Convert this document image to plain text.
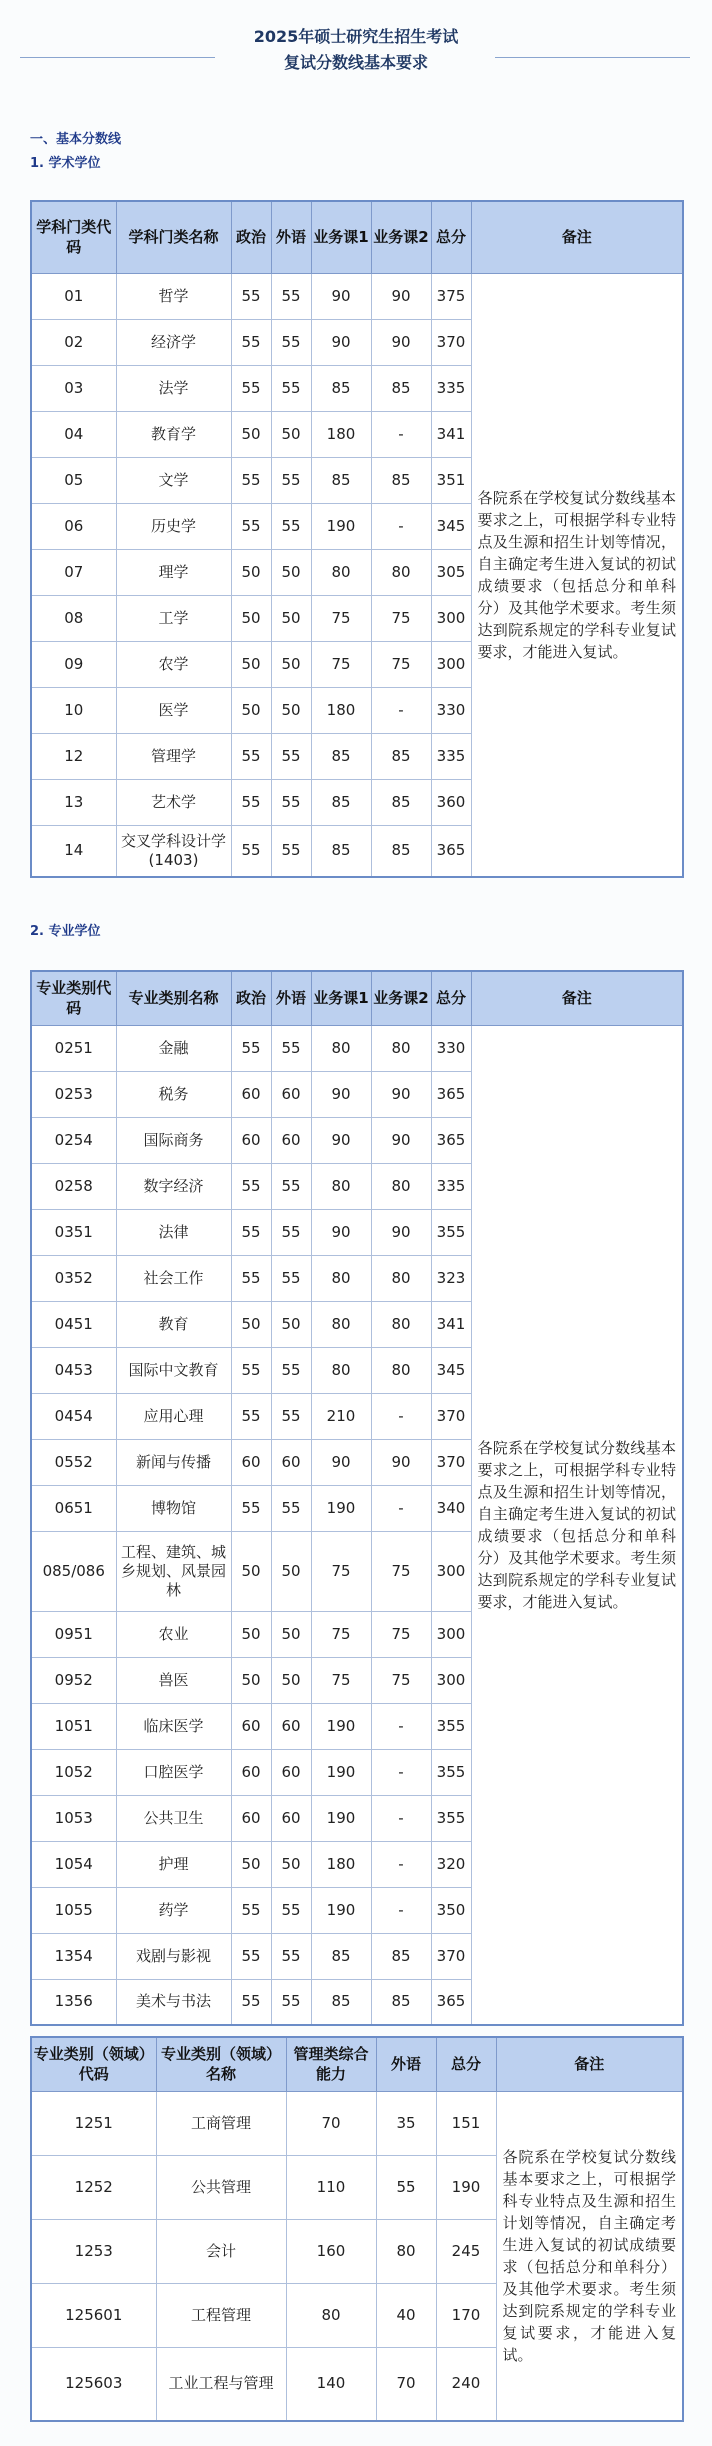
2025年硕士研究生招生考试
复试分数线基本要求
一、基本分数线
1. 学术学位
2. 专业学位
学科门类代码	学科门类名称	政治	外语	业务课1	业务课2	总分	备注
01	哲学	55	55	90	90	375	各院系在学校复试分数线基本要求之上，可根据学科专业特点及生源和招生计划等情况，自主确定考生进入复试的初试成绩要求（包括总分和单科分）及其他学术要求。考生须达到院系规定的学科专业复试要求，才能进入复试。
02	经济学	55	55	90	90	370	
03	法学	55	55	85	85	335	
04	教育学	50	50	180	-	341	
05	文学	55	55	85	85	351	
06	历史学	55	55	190	-	345	
07	理学	50	50	80	80	305	
08	工学	50	50	75	75	300	
09	农学	50	50	75	75	300	
10	医学	50	50	180	-	330	
12	管理学	55	55	85	85	335	
13	艺术学	55	55	85	85	360	
14	交叉学科设计学(1403)	55	55	85	85	365	
专业类别代码	专业类别名称	政治	外语	业务课1	业务课2	总分	备注
0251	金融	55	55	80	80	330	各院系在学校复试分数线基本要求之上，可根据学科专业特点及生源和招生计划等情况，自主确定考生进入复试的初试成绩要求（包括总分和单科分）及其他学术要求。考生须达到院系规定的学科专业复试要求，才能进入复试。
0253	税务	60	60	90	90	365	
0254	国际商务	60	60	90	90	365	
0258	数字经济	55	55	80	80	335	
0351	法律	55	55	90	90	355	
0352	社会工作	55	55	80	80	323	
0451	教育	50	50	80	80	341	
0453	国际中文教育	55	55	80	80	345	
0454	应用心理	55	55	210	-	370	
0552	新闻与传播	60	60	90	90	370	
0651	博物馆	55	55	190	-	340	
085/086	工程、建筑、城乡规划、风景园林	50	50	75	75	300	
0951	农业	50	50	75	75	300	
0952	兽医	50	50	75	75	300	
1051	临床医学	60	60	190	-	355	
1052	口腔医学	60	60	190	-	355	
1053	公共卫生	60	60	190	-	355	
1054	护理	50	50	180	-	320	
1055	药学	55	55	190	-	350	
1354	戏剧与影视	55	55	85	85	370	
1356	美术与书法	55	55	85	85	365	
专业类别（领域）代码	专业类别（领域）名称	管理类综合能力	外语	总分	备注
1251	工商管理	70	35	151	各院系在学校复试分数线基本要求之上，可根据学科专业特点及生源和招生计划等情况，自主确定考生进入复试的初试成绩要求（包括总分和单科分）及其他学术要求。考生须达到院系规定的学科专业复试要求，才能进入复试。
1252	公共管理	110	55	190	
1253	会计	160	80	245	
125601	工程管理	80	40	170	
125603	工业工程与管理	140	70	240	
